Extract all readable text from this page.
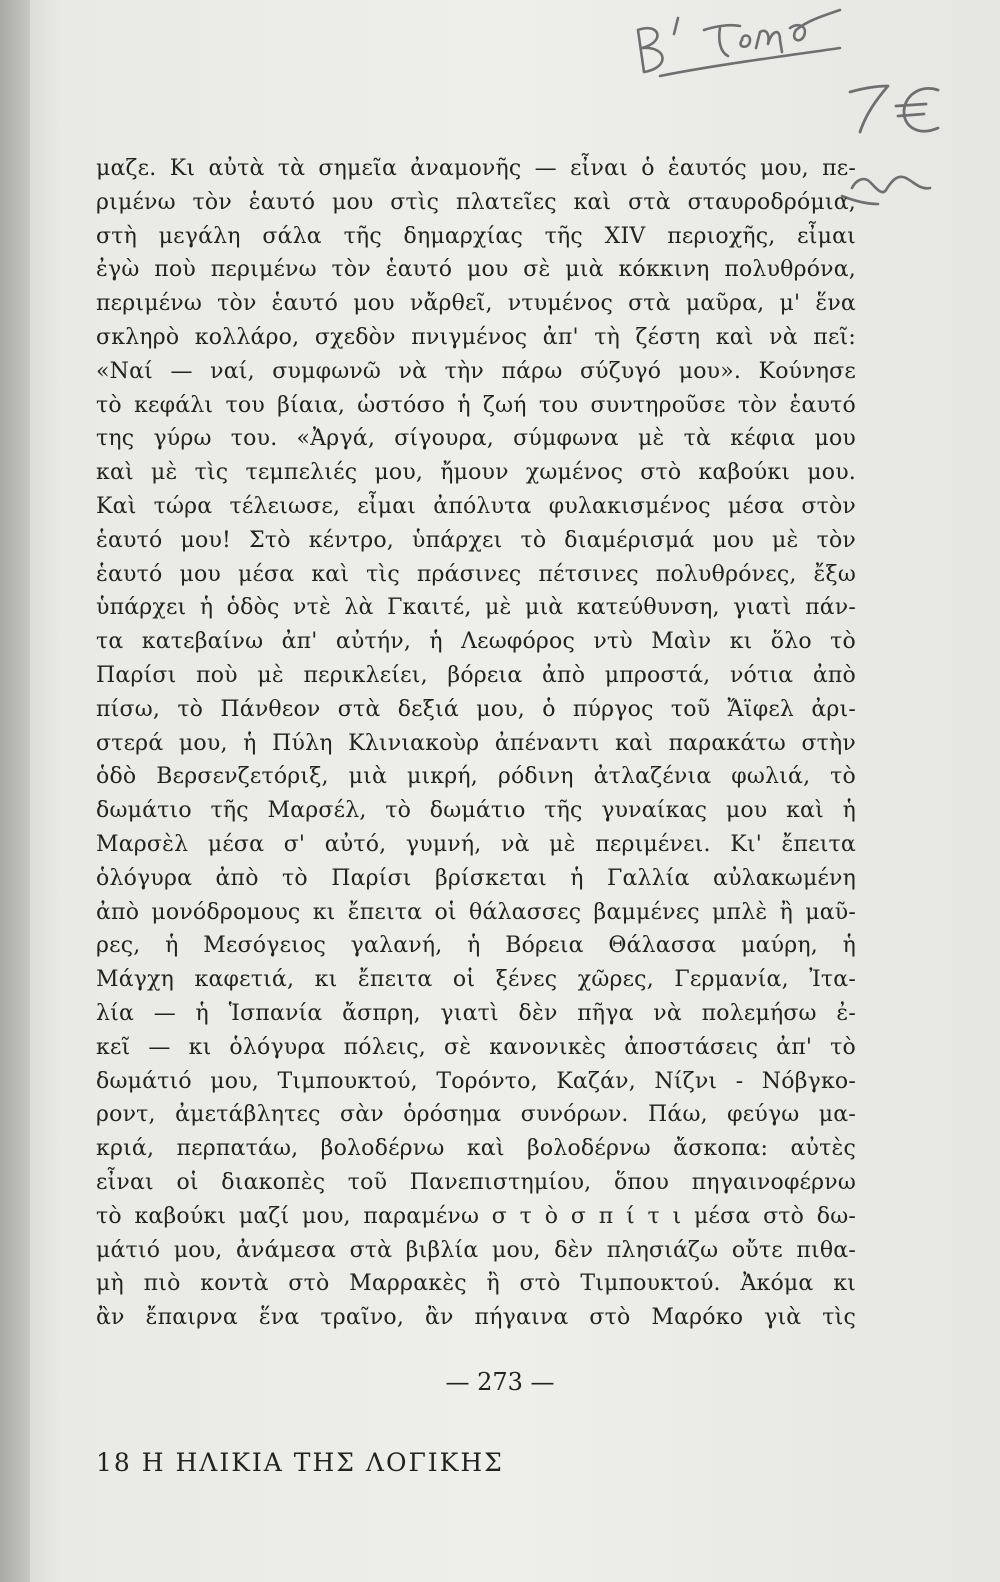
μαζε. Κι αὐτὰ τὰ σημεῖα ἀναμονῆς — εἶναι ὁ ἑαυτός μου, πε-
ριμένω τὸν ἑαυτό μου στὶς πλατεῖες καὶ στὰ σταυροδρόμια,
στὴ μεγάλη σάλα τῆς δημαρχίας τῆς XIV περιοχῆς, εἶμαι
ἐγὼ ποὺ περιμένω τὸν ἑαυτό μου σὲ μιὰ κόκκινη πολυθρόνα,
περιμένω τὸν ἑαυτό μου νἄρθεῖ, ντυμένος στὰ μαῦρα, μ' ἕνα
σκληρὸ κολλάρο, σχεδὸν πνιγμένος ἀπ' τὴ ζέστη καὶ νὰ πεῖ:
«Ναί — ναί, συμφωνῶ νὰ τὴν πάρω σύζυγό μου». Κούνησε
τὸ κεφάλι του βίαια, ὡστόσο ἡ ζωή του συντηροῦσε τὸν ἑαυτό
της γύρω του. «Ἀργά, σίγουρα, σύμφωνα μὲ τὰ κέφια μου
καὶ μὲ τὶς τεμπελιές μου, ἤμουν χωμένος στὸ καβούκι μου.
Καὶ τώρα τέλειωσε, εἶμαι ἀπόλυτα φυλακισμένος μέσα στὸν
ἑαυτό μου! Στὸ κέντρο, ὑπάρχει τὸ διαμέρισμά μου μὲ τὸν
ἑαυτό μου μέσα καὶ τὶς πράσινες πέτσινες πολυθρόνες, ἔξω
ὑπάρχει ἡ ὁδὸς ντὲ λὰ Γκαιτέ, μὲ μιὰ κατεύθυνση, γιατὶ πάν-
τα κατεβαίνω ἀπ' αὐτήν, ἡ Λεωφόρος ντὺ Μαὶν κι ὅλο τὸ
Παρίσι ποὺ μὲ περικλείει, βόρεια ἀπὸ μπροστά, νότια ἀπὸ
πίσω, τὸ Πάνθεον στὰ δεξιά μου, ὁ πύργος τοῦ Ἄϊφελ ἀρι-
στερά μου, ἡ Πύλη Κλινιακοὺρ ἀπέναντι καὶ παρακάτω στὴν
ὁδὸ Βερσενζετόριξ, μιὰ μικρή, ρόδινη ἀτλαζένια φωλιά, τὸ
δωμάτιο τῆς Μαρσέλ, τὸ δωμάτιο τῆς γυναίκας μου καὶ ἡ
Μαρσὲλ μέσα σ' αὐτό, γυμνή, νὰ μὲ περιμένει. Κι' ἔπειτα
ὁλόγυρα ἀπὸ τὸ Παρίσι βρίσκεται ἡ Γαλλία αὐλακωμένη
ἀπὸ μονόδρομους κι ἔπειτα οἱ θάλασσες βαμμένες μπλὲ ἢ μαῦ-
ρες, ἡ Μεσόγειος γαλανή, ἡ Βόρεια Θάλασσα μαύρη, ἡ
Μάγχη καφετιά, κι ἔπειτα οἱ ξένες χῶρες, Γερμανία, Ἰτα-
λία — ἡ Ἱσπανία ἄσπρη, γιατὶ δὲν πῆγα νὰ πολεμήσω ἐ-
κεῖ — κι ὁλόγυρα πόλεις, σὲ κανονικὲς ἀποστάσεις ἀπ' τὸ
δωμάτιό μου, Τιμπουκτού, Τορόντο, Καζάν, Νίζνι - Νόβγκο-
ροντ, ἀμετάβλητες σὰν ὁρόσημα συνόρων. Πάω, φεύγω μα-
κριά, περπατάω, βολοδέρνω καὶ βολοδέρνω ἄσκοπα: αὐτὲς
εἶναι οἱ διακοπὲς τοῦ Πανεπιστημίου, ὅπου πηγαινοφέρνω
τὸ καβούκι μαζί μου, παραμένω σ τ ὸ σ π ί τ ι μέσα στὸ δω-
μάτιό μου, ἀνάμεσα στὰ βιβλία μου, δὲν πλησιάζω οὔτε πιθα-
μὴ πιὸ κοντὰ στὸ Μαρρακὲς ἢ στὸ Τιμπουκτού. Ἀκόμα κι
ἂν ἔπαιρνα ἕνα τραῖνο, ἂν πήγαινα στὸ Μαρόκο γιὰ τὶς
— 273 —
18 Η ΗΛΙΚΙΑ ΤΗΣ ΛΟΓΙΚΗΣ
